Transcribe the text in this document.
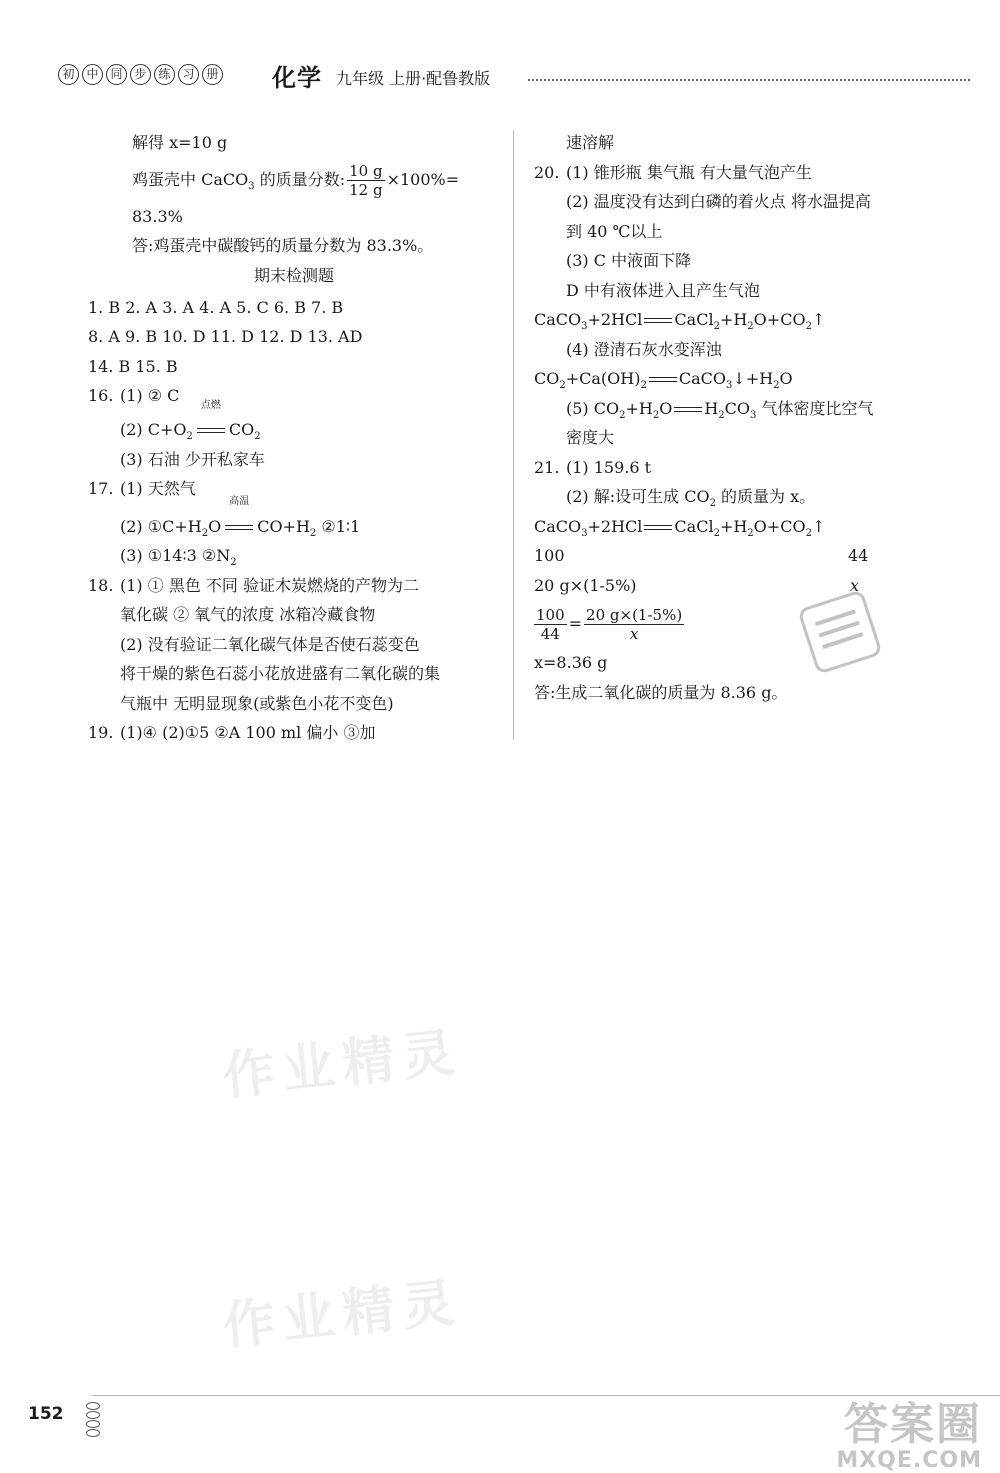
初 中 同 步 练 习 册 化学 九年级 上册·配鲁教版
解得 x=10 g
鸡蛋壳中 CaCO$_3$ 的质量分数: $\frac{10 g}{12 g} \times 100\%=$
83.3%
答:鸡蛋壳中碳酸钙的质量分数为 83.3%。
期末检测题
1. B 2. A 3. A 4. A 5. C 6. B 7. B
8. A 9. B 10. D 11. D 12. D 13. AD
14. B 15. B
16. (1) ② C
(2) $C+O_2$
点燃
$CO_2$
(3) 石油 少开私家车
17. (1) 天然气
(2) $①C+H_2O$
高温
$CO+H_2$ ②1∶1
(3) ①14∶3 $②N_2$
18. (1) ① 黑色 不同 验证木炭燃烧的产物为二
氧化碳 ② 氧气的浓度 冰箱冷藏食物
(2) 没有验证二氧化碳气体是否使石蕊变色
将干燥的紫色石蕊小花放进盛有二氧化碳的集
气瓶中 无明显现象(或紫色小花不变色)
19. (1)④ (2)①5 ②A 100 ml 偏小 ③加
速溶解
20. (1) 锥形瓶 集气瓶 有大量气泡产生
(2) 温度没有达到白磷的着火点 将水温提高
到 40 ℃以上
(3) C 中液面下降
D 中有液体进入且产生气泡
CaCO$_3$+2HCl $CaCl_2+H_2O+CO_2↑$
(4) 澄清石灰水变浑浊
$CO_2+Ca(OH)_2$ $CaCO_3↓+H_2O$
(5) $CO_2+H_2O$ $H_2CO_3$ 气体密度比空气
密度大
21. (1) 159.6 t
(2) 解:设可生成 $CO_2$ 的质量为 x。
CaCO$_3$+2HCl $CaCl_2+H_2O+CO_2↑$
100	44
20 g×(1-5%)	x
$\frac{100}{44} = \frac{20 g\times(1-5\%)}{x}$
x=8.36 g
答:生成二氧化碳的质量为 8.36 g。
作业精灵
作业精灵
152	答案圈
MXQE.COM
